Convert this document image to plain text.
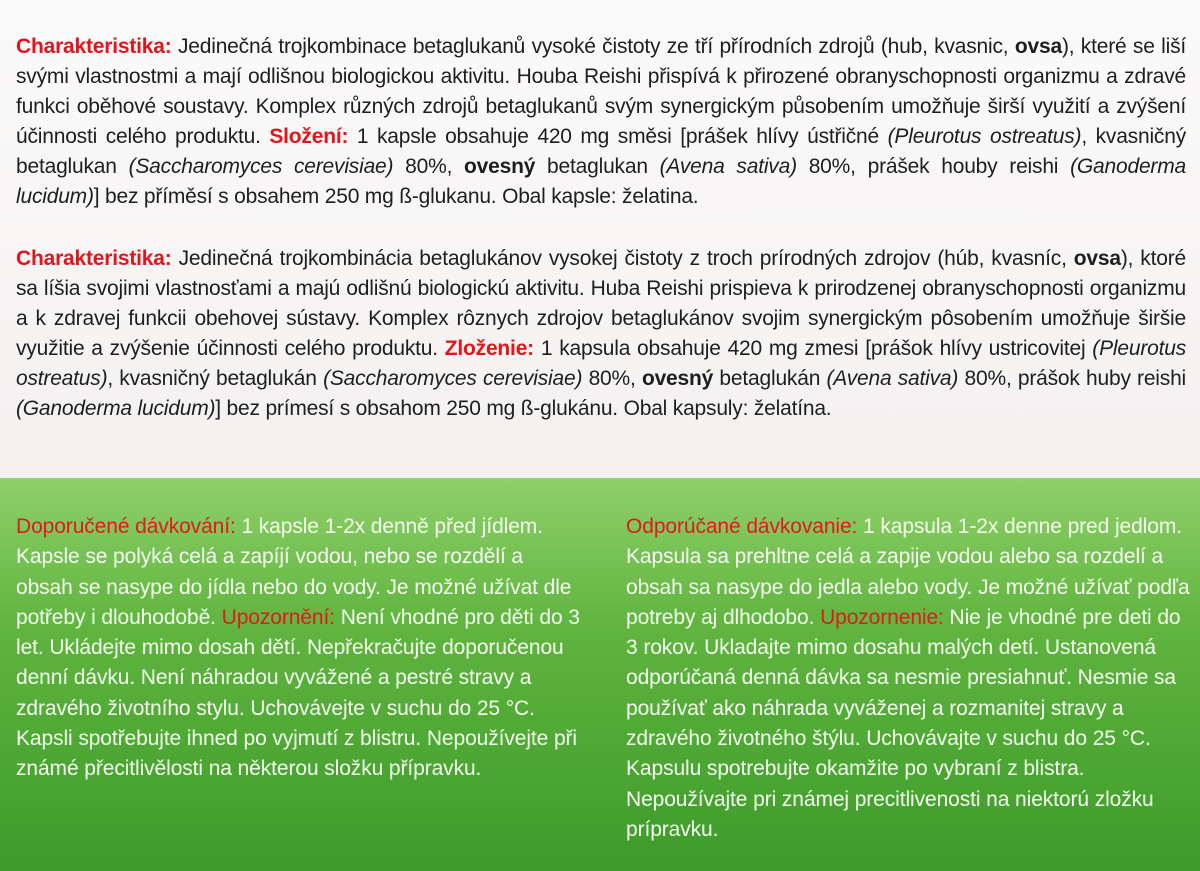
Charakteristika: Jedinečná trojkombinace betaglukanů vysoké čistoty ze tří přírodních zdrojů (hub, kvasnic, ovsa), které se liší svými vlastnostmi a mají odlišnou biologickou aktivitu. Houba Reishi přispívá k přirozené obranyschopnosti organizmu a zdravé funkci oběhové soustavy. Komplex různých zdrojů betaglukanů svým synergickým působením umožňuje širší využití a zvýšení účinnosti celého produktu. Složení: 1 kapsle obsahuje 420 mg směsi [prášek hlívy ústřičné (Pleurotus ostreatus), kvasničný betaglukan (Saccharomyces cerevisiae) 80%, ovesný betaglukan (Avena sativa) 80%, prášek houby reishi (Ganoderma lucidum)] bez příměsí s obsahem 250 mg ß-glukanu. Obal kapsle: želatina.

Charakteristika: Jedinečná trojkombinácia betaglukánov vysokej čistoty z troch prírodných zdrojov (húb, kvasníc, ovsa), ktoré sa líšia svojimi vlastnosťami a majú odlišnú biologickú aktivitu. Huba Reishi prispieva k prirodzenej obranyschopnosti organizmu a k zdravej funkcii obehovej sústavy. Komplex rôznych zdrojov betaglukánov svojim synergickým pôsobením umožňuje širšie využitie a zvýšenie účinnosti celého produktu. Zloženie: 1 kapsula obsahuje 420 mg zmesi [prášok hlívy ustricovitej (Pleurotus ostreatus), kvasničný betaglukán (Saccharomyces cerevisiae) 80%, ovesný betaglukán (Avena sativa) 80%, prášok huby reishi (Ganoderma lucidum)] bez prímesí s obsahom 250 mg ß-glukánu. Obal kapsuly: želatína.

Doporučené dávkování: 1 kapsle 1-2x denně před jídlem. Kapsle se polyká celá a zapíjí vodou, nebo se rozdělí a obsah se nasype do jídla nebo do vody. Je možné užívat dle potřeby i dlouhodobě. Upozornění: Není vhodné pro děti do 3 let. Ukládejte mimo dosah dětí. Nepřekračujte doporučenou denní dávku. Není náhradou vyvážené a pestré stravy a zdravého životního stylu. Uchovávejte v suchu do 25 °C. Kapsli spotřebujte ihned po vyjmutí z blistru. Nepoužívejte při známé přecitlivělosti na některou složku přípravku.

Odporúčané dávkovanie: 1 kapsula 1-2x denne pred jedlom. Kapsula sa prehltne celá a zapije vodou alebo sa rozdelí a obsah sa nasype do jedla alebo vody. Je možné užívať podľa potreby aj dlhodobo. Upozornenie: Nie je vhodné pre deti do 3 rokov. Ukladajte mimo dosahu malých detí. Ustanovená odporúčaná denná dávka sa nesmie presiahnuť. Nesmie sa používať ako náhrada vyváženej a rozmanitej stravy a zdravého životného štýlu. Uchovávajte v suchu do 25 °C. Kapsulu spotrebujte okamžite po vybraní z blistra. Nepoužívajte pri známej precitlivenosti na niektorú zložku prípravku.
